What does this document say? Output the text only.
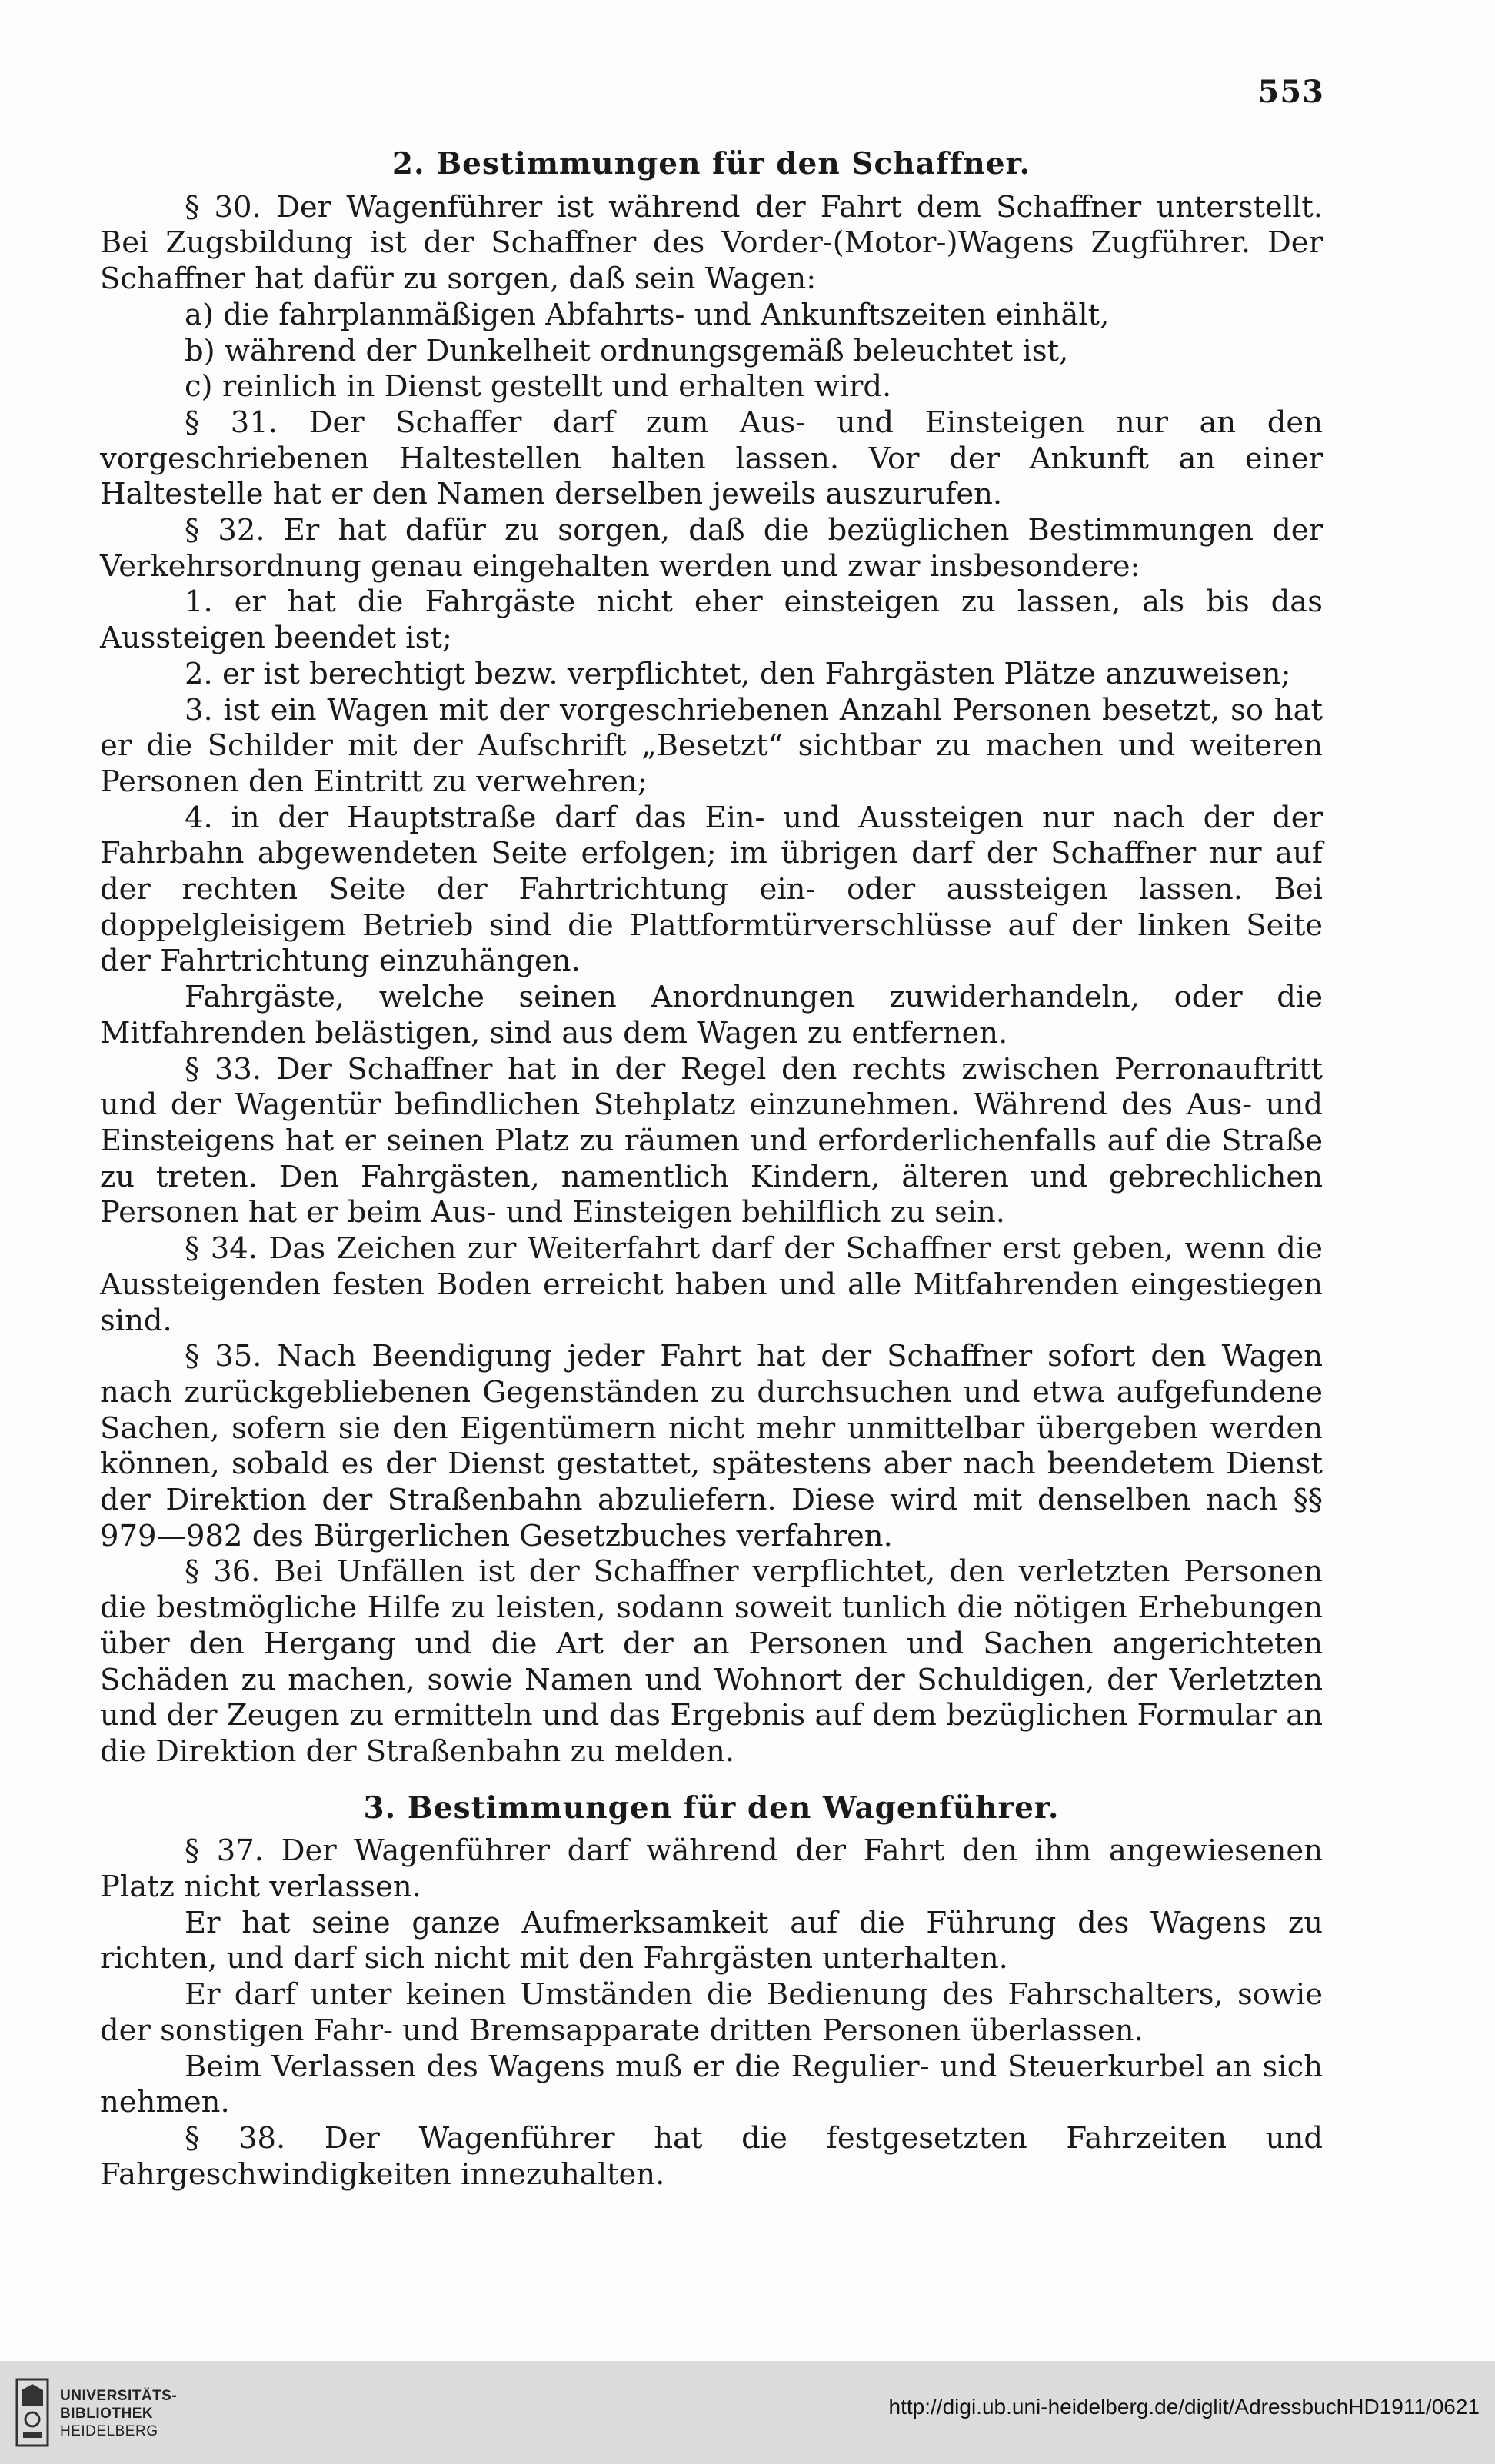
553
2. Bestimmungen für den Schaffner.

§ 30. Der Wagenführer ist während der Fahrt dem Schaffner unterstellt. Bei Zugsbildung ist der Schaffner des Vorder-(Motor-)Wagens Zugführer. Der Schaffner hat dafür zu sorgen, daß sein Wagen:

a) die fahrplanmäßigen Abfahrts- und Ankunftszeiten einhält,

b) während der Dunkelheit ordnungsgemäß beleuchtet ist,

c) reinlich in Dienst gestellt und erhalten wird.

§ 31. Der Schaffer darf zum Aus- und Einsteigen nur an den vorgeschriebenen Haltestellen halten lassen. Vor der Ankunft an einer Haltestelle hat er den Namen derselben jeweils auszurufen.

§ 32. Er hat dafür zu sorgen, daß die bezüglichen Bestimmungen der Verkehrsordnung genau eingehalten werden und zwar insbesondere:

1. er hat die Fahrgäste nicht eher einsteigen zu lassen, als bis das Aussteigen beendet ist;

2. er ist berechtigt bezw. verpflichtet, den Fahrgästen Plätze anzuweisen;

3. ist ein Wagen mit der vorgeschriebenen Anzahl Personen besetzt, so hat er die Schilder mit der Aufschrift „Besetzt“ sichtbar zu machen und weiteren Personen den Eintritt zu verwehren;

4. in der Hauptstraße darf das Ein- und Aussteigen nur nach der der Fahrbahn abgewendeten Seite erfolgen; im übrigen darf der Schaffner nur auf der rechten Seite der Fahrtrichtung ein- oder aussteigen lassen. Bei doppelgleisigem Betrieb sind die Plattformtürverschlüsse auf der linken Seite der Fahrtrichtung einzuhängen.

Fahrgäste, welche seinen Anordnungen zuwiderhandeln, oder die Mitfahrenden belästigen, sind aus dem Wagen zu entfernen.

§ 33. Der Schaffner hat in der Regel den rechts zwischen Perronauftritt und der Wagentür befindlichen Stehplatz einzunehmen. Während des Aus- und Einsteigens hat er seinen Platz zu räumen und erforderlichenfalls auf die Straße zu treten. Den Fahrgästen, namentlich Kindern, älteren und gebrechlichen Personen hat er beim Aus- und Einsteigen behilflich zu sein.

§ 34. Das Zeichen zur Weiterfahrt darf der Schaffner erst geben, wenn die Aussteigenden festen Boden erreicht haben und alle Mitfahrenden eingestiegen sind.

§ 35. Nach Beendigung jeder Fahrt hat der Schaffner sofort den Wagen nach zurückgebliebenen Gegenständen zu durchsuchen und etwa aufgefundene Sachen, sofern sie den Eigentümern nicht mehr unmittelbar übergeben werden können, sobald es der Dienst gestattet, spätestens aber nach beendetem Dienst der Direktion der Straßenbahn abzuliefern. Diese wird mit denselben nach §§ 979—982 des Bürgerlichen Gesetzbuches verfahren.

§ 36. Bei Unfällen ist der Schaffner verpflichtet, den verletzten Personen die bestmögliche Hilfe zu leisten, sodann soweit tunlich die nötigen Erhebungen über den Hergang und die Art der an Personen und Sachen angerichteten Schäden zu machen, sowie Namen und Wohnort der Schuldigen, der Verletzten und der Zeugen zu ermitteln und das Ergebnis auf dem bezüglichen Formular an die Direktion der Straßenbahn zu melden.

3. Bestimmungen für den Wagenführer.

§ 37. Der Wagenführer darf während der Fahrt den ihm angewiesenen Platz nicht verlassen.

Er hat seine ganze Aufmerksamkeit auf die Führung des Wagens zu richten, und darf sich nicht mit den Fahrgästen unterhalten.

Er darf unter keinen Umständen die Bedienung des Fahrschalters, sowie der sonstigen Fahr- und Bremsapparate dritten Personen überlassen.

Beim Verlassen des Wagens muß er die Regulier- und Steuerkurbel an sich nehmen.

§ 38. Der Wagenführer hat die festgesetzten Fahrzeiten und Fahrgeschwindigkeiten innezuhalten.

UNIVERSITÄTS-
BIBLIOTHEK
HEIDELBERG
http://digi.ub.uni-heidelberg.de/diglit/AdressbuchHD1911/0621
